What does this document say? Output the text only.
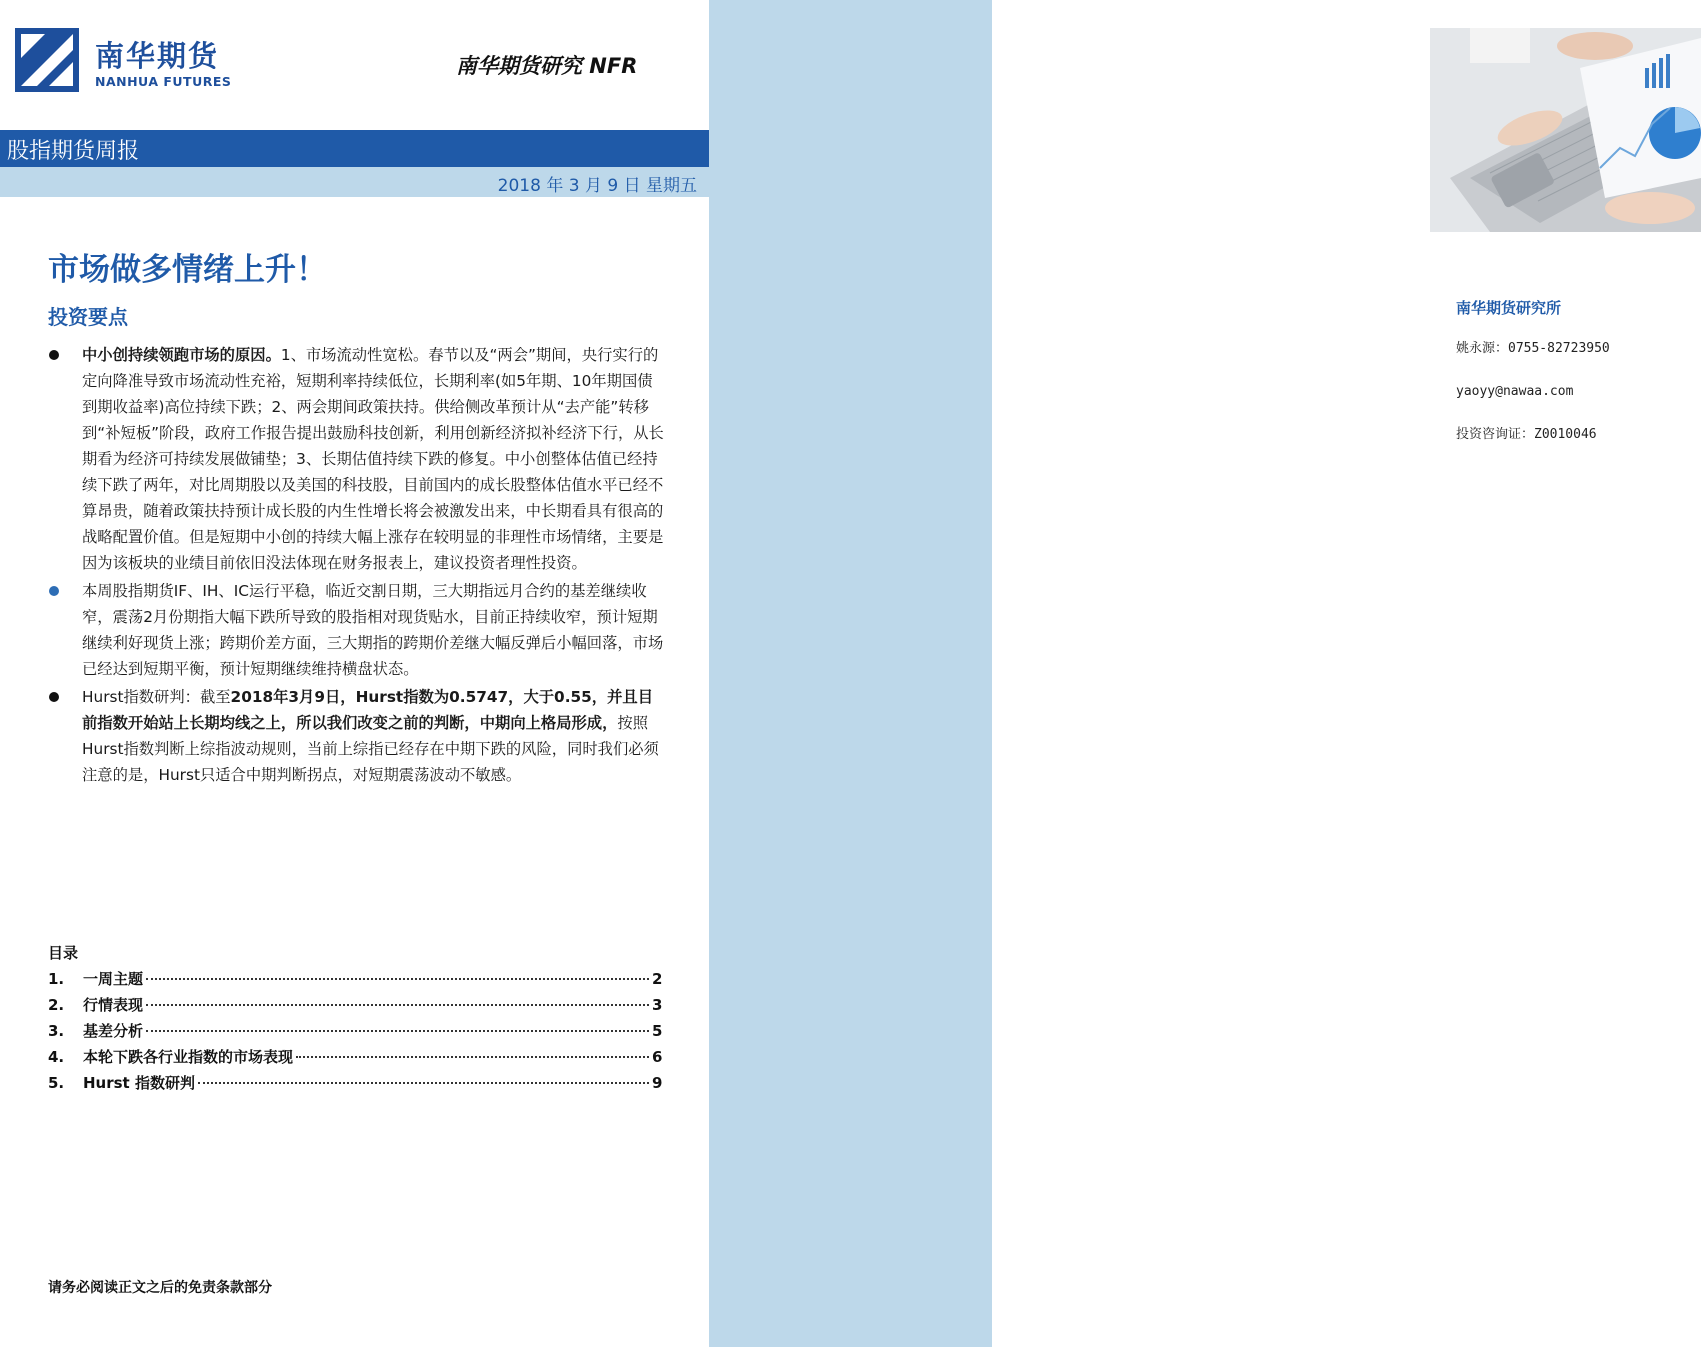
南华期货研究所
姚永源：0755-82723950
yaoyy@nawaa.com
投资咨询证：Z0010046
南华期货
NANHUA FUTURES
南华期货研究 NFR
股指期货周报
2018 年 3 月 9 日 星期五
市场做多情绪上升！
投资要点
中小创持续领跑市场的原因。1、市场流动性宽松。春节以及“两会”期间，央行实行的定向降准导致市场流动性充裕，短期利率持续低位，长期利率(如5年期、10年期国债到期收益率)高位持续下跌；2、两会期间政策扶持。供给侧改革预计从“去产能”转移到“补短板”阶段，政府工作报告提出鼓励科技创新，利用创新经济拟补经济下行，从长期看为经济可持续发展做铺垫；3、长期估值持续下跌的修复。中小创整体估值已经持续下跌了两年，对比周期股以及美国的科技股，目前国内的成长股整体估值水平已经不算昂贵，随着政策扶持预计成长股的内生性增长将会被激发出来，中长期看具有很高的战略配置价值。但是短期中小创的持续大幅上涨存在较明显的非理性市场情绪，主要是因为该板块的业绩目前依旧没法体现在财务报表上，建议投资者理性投资。
本周股指期货IF、IH、IC运行平稳，临近交割日期，三大期指远月合约的基差继续收窄，震荡2月份期指大幅下跌所导致的股指相对现货贴水，目前正持续收窄，预计短期继续利好现货上涨；跨期价差方面，三大期指的跨期价差继大幅反弹后小幅回落，市场已经达到短期平衡，预计短期继续维持横盘状态。
Hurst指数研判：截至2018年3月9日，Hurst指数为0.5747，大于0.55，并且目前指数开始站上长期均线之上，所以我们改变之前的判断，中期向上格局形成，按照Hurst指数判断上综指波动规则，当前上综指已经存在中期下跌的风险，同时我们必须注意的是，Hurst只适合中期判断拐点，对短期震荡波动不敏感。
目录
1.	一周主题	2
2.	行情表现	3
3.	基差分析	5
4.	本轮下跌各行业指数的市场表现	6
5.	Hurst 指数研判	9
请务必阅读正文之后的免责条款部分
